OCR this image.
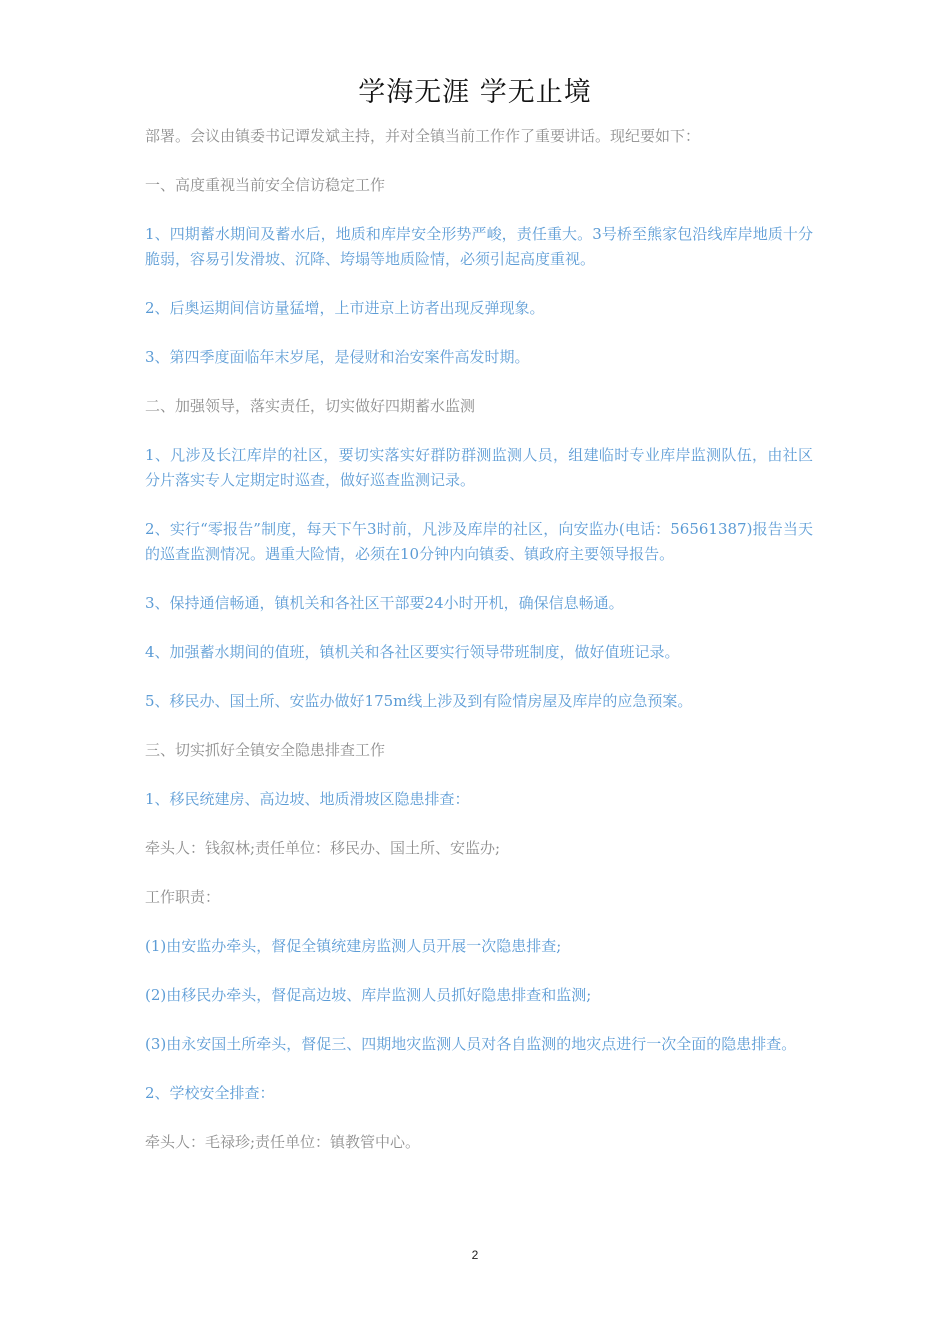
学海无涯 学无止境

部署。会议由镇委书记谭发斌主持，并对全镇当前工作作了重要讲话。现纪要如下：

一、高度重视当前安全信访稳定工作

1、四期蓄水期间及蓄水后，地质和库岸安全形势严峻，责任重大。3号桥至熊家包沿线库岸地质十分脆弱，容易引发滑坡、沉降、垮塌等地质险情，必须引起高度重视。

2、后奥运期间信访量猛增，上市进京上访者出现反弹现象。

3、第四季度面临年末岁尾，是侵财和治安案件高发时期。

二、加强领导，落实责任，切实做好四期蓄水监测

1、凡涉及长江库岸的社区，要切实落实好群防群测监测人员，组建临时专业库岸监测队伍，由社区分片落实专人定期定时巡查，做好巡查监测记录。

2、实行“零报告”制度，每天下午3时前，凡涉及库岸的社区，向安监办(电话：56561387)报告当天的巡查监测情况。遇重大险情，必须在10分钟内向镇委、镇政府主要领导报告。

3、保持通信畅通，镇机关和各社区干部要24小时开机，确保信息畅通。

4、加强蓄水期间的值班，镇机关和各社区要实行领导带班制度，做好值班记录。

5、移民办、国土所、安监办做好175m线上涉及到有险情房屋及库岸的应急预案。

三、切实抓好全镇安全隐患排查工作

1、移民统建房、高边坡、地质滑坡区隐患排查：

牵头人：钱叙林;责任单位：移民办、国土所、安监办;

工作职责：

(1)由安监办牵头，督促全镇统建房监测人员开展一次隐患排查;

(2)由移民办牵头，督促高边坡、库岸监测人员抓好隐患排查和监测;

(3)由永安国土所牵头，督促三、四期地灾监测人员对各自监测的地灾点进行一次全面的隐患排查。

2、学校安全排查：

牵头人：毛禄珍;责任单位：镇教管中心。

2
